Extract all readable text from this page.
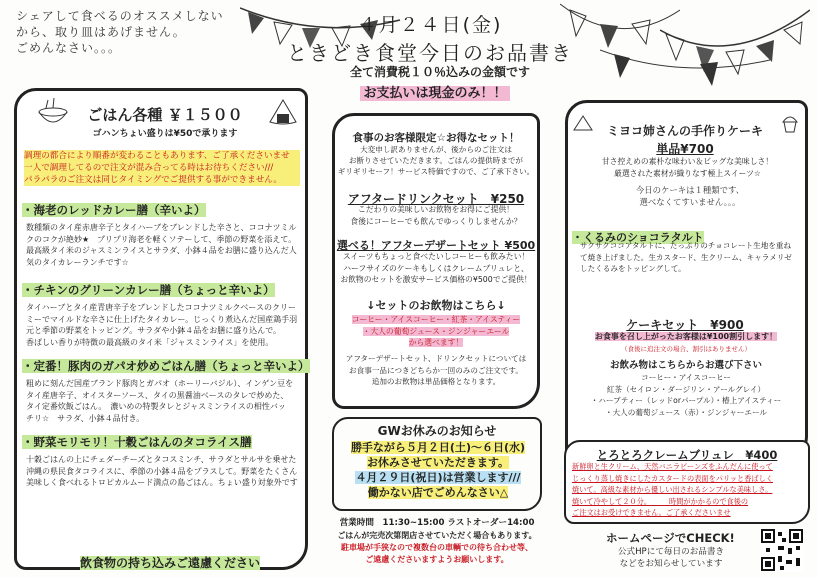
シェアして食べるのオススメしない
から、取り皿はあげません。
ごめんなさい。。。
４月２４日(金)
ときどき食堂今日のお品書き
全て消費税１０％込みの金額です
お支払いは現金のみ！！
ごはん各種 ￥１５００
ゴハンちょい盛りは¥50で承ります
調理の都合により順番が変わることもあります、ご了承くださいませ
一人で調理してるので注文が混み合ってる時はお待ちください///
パラパラのご注文は同じタイミングでご提供する事ができません。
・海老のレッドカレー膳（辛いよ）
数種類のタイ産赤唐辛子とタイハーブをブレンドした辛さと、ココナツミル
クのコクが絶妙★　プリプリ海老を軽くソテーして、季節の野菜を添えて。
最高級タイ米のジャスミンライスとサラダ、小鉢４品をお膳に盛り込んだ人
気のタイカレーランチです☆
・チキンのグリーンカレー膳（ちょっと辛いよ）
タイハーブとタイ産青唐辛子をブレンドしたココナツミルクベースのクリー
ミーでマイルドな辛さに仕上げたタイカレー。じっくり煮込んだ国産鶏手羽
元と季節の野菜をトッピング。サラダや小鉢４品をお膳に盛り込んで。
香ばしい香りが特徴の最高級のタイ米「ジャスミンライス」を使用。
・定番！豚肉のガパオ炒めごはん膳（ちょっと辛いよ）
粗めに刻んだ国産ブランド豚肉とガパオ（ホーリーバジル）、インゲン豆を
タイ産唐辛子、オイスターソース、タイの黒醤油ベースのタレで炒めた、
タイ定番炊飯ごはん。　濃いめの特製タレとジャスミンライスの相性バッ
チリ☆　サラダ、小鉢４品付き。
・野菜モリモリ！十穀ごはんのタコライス膳
十穀ごはんの上にチェダーチーズとタコスミンチ、サラダとサルサを乗せた
沖縄の県民食タコライスに、季節の小鉢４品をプラスして。野菜をたくさん
美味しく食べれるトロピカルムード満点の島ごはん。ちょい盛り対象外です
飲食物の持ち込みご遠慮ください
食事のお客様限定☆お得なセット！
大変申し訳ありませんが、後からのご注文は
お断りさせていただきます。ごはんの提供時までが
ギリギリセーフ！サービス特価ですので、ご了承下さい。
アフタードリンクセット　¥250
こだわりの美味しいお飲物をお得にご提供！
食後にコーヒーでも飲んでゆっくりしませんか？
選べる！アフターデザートセット ¥500
スイーツもちょっと食べたいしコーヒーも飲みたい！
ハーフサイズのケーキもしくはクレームブリュレと、
お飲物のセットを激安サービス価格の¥500でご提供！
↓セットのお飲物はこちら↓
コーヒー・アイスコーヒー・紅茶・アイスティー
・大人の葡萄ジュース・ジンジャーエール
から選べます！
アフターデザートセット、ドリンクセットについては
お食事一品につきどちらか一回のみのご注文です。
追加のお飲物は単品価格となります。
GWお休みのお知らせ
勝手ながら５月２日(土)〜６日(水)
お休みさせていただきます。
４月２９日(祝日)は営業します///
働かない店でごめんなさい△
営業時間　11:30~15:00 ラストオーダー14:00
ごはんが完売次第閉店させていただく場合もあります。
駐車場が手狭なので複数台の車輌での待ち合わせ等、
ご遠慮くださいますようお願いします。
ミヨコ姉さんの手作りケーキ
単品¥700
甘さ控えめの素朴な味わい＆ビッグな美味しさ！
厳選された素材が織りなす極上スイーツ☆
今日のケーキは１種類です、
選べなくてすいません。。。
・くるみのショコラタルト
サクサクココアタルトに、たっぷりのチョコレート生地を重ね
て焼き上げました。生カスタード、生クリーム、キャラメリゼ
したくるみをトッピングして。
ケーキセット　¥900
お食事を召し上がったお客様は¥100割引します！
（食後に追注文の場合、割引はありません）
お飲み物はこちらからお選び下さい
コーヒー・アイスコーヒー
紅茶（セイロン・ダージリン・アールグレイ）
・ハーブティー（レッドorパープル）・椿上アイスティー
・大人の葡萄ジュース（赤）・ジンジャーエール
とろとろクレームブリュレ　¥400
新鮮卵と生クリーム、天然バニラビーンズをふんだんに使って
じっくり蒸し焼きにしたカスタードの表面をパリッと香ばしく
焼いて。高級な素材から優しい出されるシンプルな美味しさ。
焼いて冷やして２０分。　　　時間がかかるので食後の
ご注文はお受けできません。ご了承くださいませ
ホームページでCHECK!
公式HPにて毎日のお品書き
などをお知らせしています
